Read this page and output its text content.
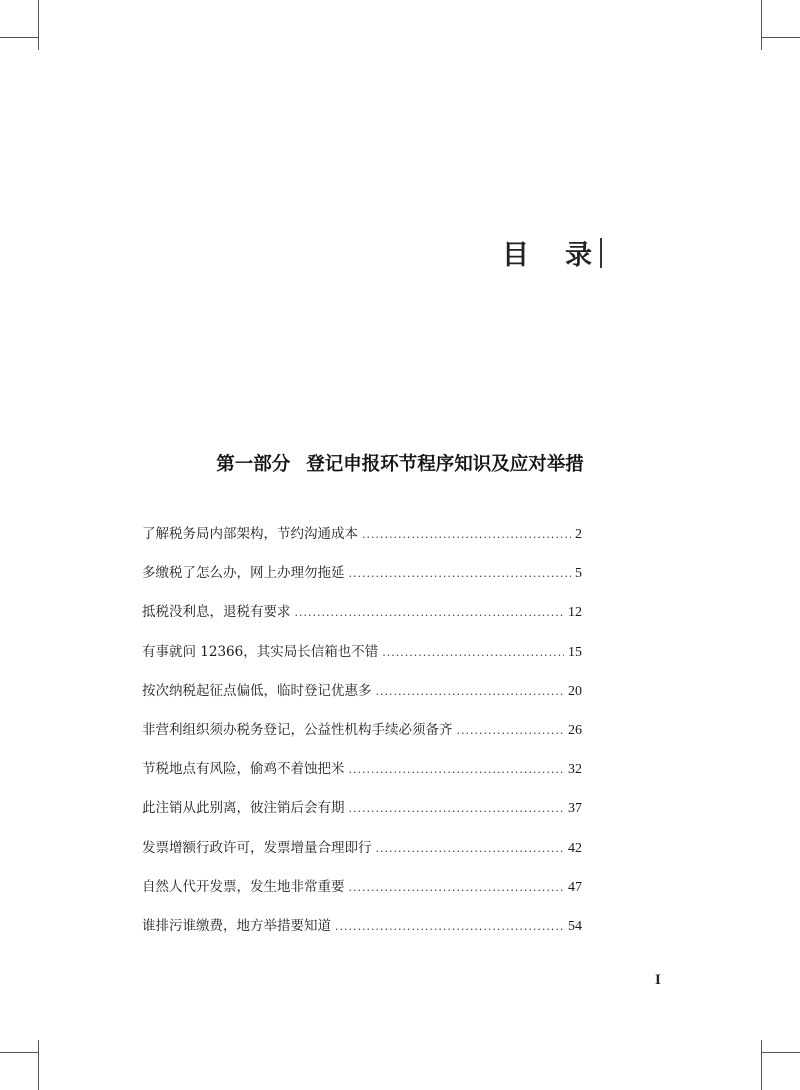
目 录
第一部分 登记申报环节程序知识及应对举措
了解税务局内部架构，节约沟通成本 .....	2
多缴税了怎么办，网上办理勿拖延 .....	5
抵税没利息，退税有要求 .....	12
有事就问 12366，其实局长信箱也不错 .....	15
按次纳税起征点偏低，临时登记优惠多 .....	20
非营利组织须办税务登记，公益性机构手续必须备齐 .....	26
节税地点有风险，偷鸡不着蚀把米 .....	32
此注销从此别离，彼注销后会有期 .....	37
发票增额行政许可，发票增量合理即行 .....	42
自然人代开发票，发生地非常重要 .....	47
谁排污谁缴费，地方举措要知道 .....	54
I
